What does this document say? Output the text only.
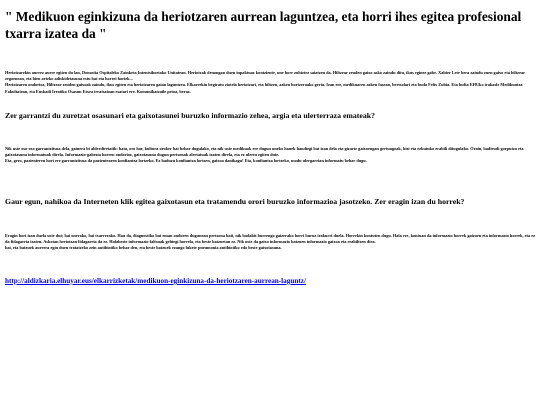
" Medikuon eginkizuna da heriotzaren aurrean laguntzea, eta horri ihes egitea profesional txarra izatea da "

Heriotzarekin aurrez aurre egiten du lan, Donostia Ospitaleko Zainketa Intentsiboetako Unitatean. Heriotzak denongan duen inpaktuaz kontziente, une horr zubiztez saiatzen da. Hiltzear zeuden gaixo asko zaindu ditu, ikus eginez gabe. Xabier Lete bera zaindu zuen gaixo eta hiltzear zegoenean, eta bien arteko adiskidetasuna estu bat eta horrei horiek...
Heriotzaren ondorioz, Hiltzear zeuden gaixoak zaindu, ikus egiten eta heriotzaren gaian laguntzea. Elkarrekin begiratu ziotela heriotzari, eta hiltzen, azken hortzeraako gerta. Izan ere, medikuaren azken fasean, bertsolari eta buda Felix Zubia. Eta bufta EHUko irakasle Medikuntza Fakultatean, eta Euskadi Irratiko Osasun Etxea irratsaioan esatari ere. Komunikatzaile petoa, beraz.

Zer garrantzi du zuretzat osasunari eta gaixotasunei buruzko informazio zehea, argia eta ulerterraza emateak?

Nik uste oso-oso garrantzitsua dela, gainera bi alderdiretatik: bata, oro har, kultura oroker bat behar dugulako, eta nik uste medikuok ere dugun uneko hauek handiegi bat izan dela eta gizarte gaixoengan gertuagoak, bizi eta ezkutuko erabili ditugulako. Orain, badirudi gorputza eta gaixotasuna informatuak direla. Informazio-gabezia horren ondorioz, gaixotasuna dugun pertsonak alertatuak izaten direla, eta ez ulertu egiten dute.
Eta, gero, pazienteren hori ere garrantzitsua da pazientearen konfiantza lortzeko. Ez baduzu konfiantza lortzen, gaixoa danikagu! Eta, konfiantza lortzeko, modu ulergarrian informatu behar dugu.

Gaur egun, nahikoa da Interneten klik egitea gaixotasun eta tratamendu orori buruzko informazioa jasotzeko. Zer eragin izan du horrek?

Eragin bori izan duela uste dut; bai onerako, bai txarrerako. Hau da, diagnostiko bat eman ondoren dugunean pertsona bati, nik badakit burrengo gaizerako horri buruz irakurri duela. Horrekin kontuten dugu. Hala ere, kontuan da informazio horrek gaizoen eta informazio horrek, eta ez da fidagarria izaten. Askotan heriotzan fidagarria da ez. Halabeste informazio faltsuak gehiegi horrela, eta beste batzuetan ez. Nik uste da gaixo informazio batzuen informazio gaixoa eta erabiltzen dira.
bai, eta batzuek aurrera egin duen tratatzeko zein antibiotiko behar den, eta beste batzuek ezango lukete pneumonia antibiotiko edo beste gaixotasuna.

http://aldizkaria.elhuyar.eus/elkarrizketak/medikuon-eginkizuna-da-heriotzaren-aurrean-laguntz/
